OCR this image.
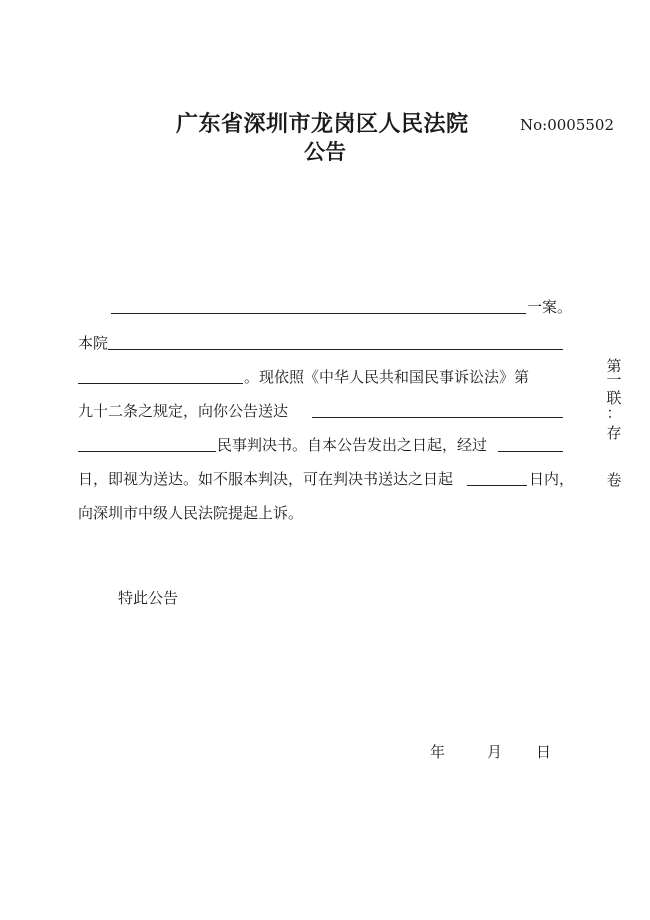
广东省深圳市龙岗区人民法院
公告
No:0005502
一案。
本院
。现依照《中华人民共和国民事诉讼法》第
九十二条之规定，向你公告送达
民事判决书。自本公告发出之日起，经过
日，即视为送达。如不服本判决，可在判决书送达之日起	日内，
向深圳市中级人民法院提起上诉。
特此公告
年	月 日
第
一
联
：
存
卷
